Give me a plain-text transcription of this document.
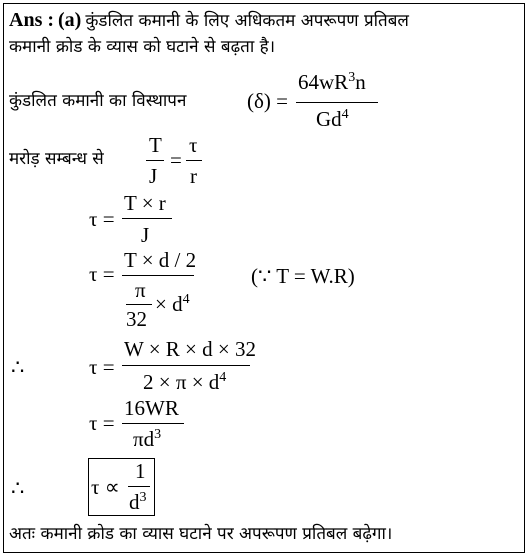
Ans : (a) कुंडलित कमानी के लिए अधिकतम अपरूपण प्रतिबल
कमानी क्रोड के व्यास को घटाने से बढ़ता है।
कुंडलित कमानी का विस्थापन	(δ) =
$64wR^3n$
Gd$^4$
मरोड़ सम्बन्ध से
T
J
=
τ
r
τ =
T × r
J
τ =
T × d / 2
π
32
× $d^4$
(∵ T = W.R)
∴	τ =
W × R × d × 32
$2 \times \pi \times d^4$
τ =
16WR
$\pi d^3$
∴	τ ∝
1
$d^3$
अतः कमानी क्रोड का व्यास घटाने पर अपरूपण प्रतिबल बढ़ेगा।
